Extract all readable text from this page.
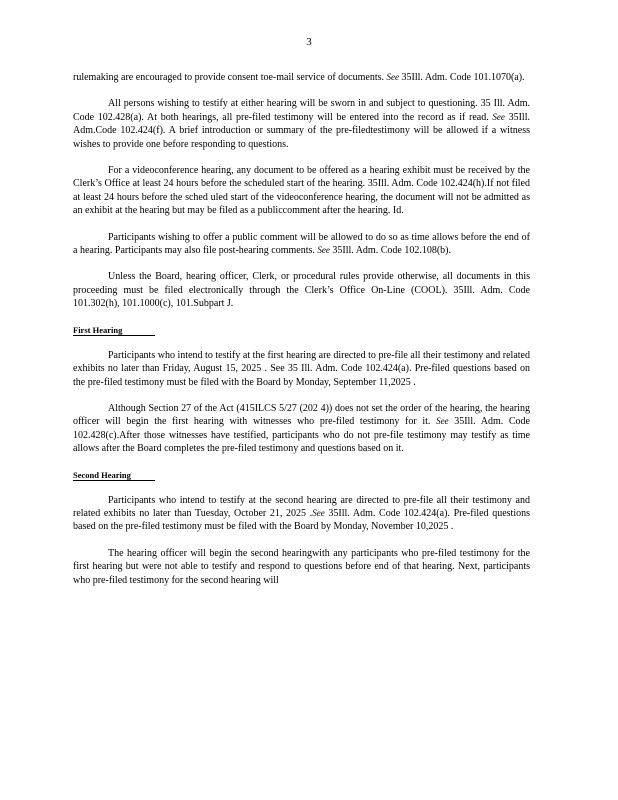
3

rulemaking are encouraged to provide consent toe-mail service of documents. See 35Ill. Adm. Code 101.1070(a).

All persons wishing to testify at either hearing will be sworn in and subject to questioning. 35 Ill. Adm. Code 102.428(a). At both hearings, all pre-filed testimony will be entered into the record as if read. See 35Ill. Adm.Code 102.424(f). A brief introduction or summary of the pre-filedtestimony will be allowed if a witness wishes to provide one before responding to questions.

For a videoconference hearing, any document to be offered as a hearing exhibit must be received by the Clerk’s Office at least 24 hours before the scheduled start of the hearing. 35Ill. Adm. Code 102.424(h).If not filed at least 24 hours before the sched uled start of the videoconference hearing, the document will not be admitted as an exhibit at the hearing but may be filed as a publiccomment after the hearing. Id.

Participants wishing to offer a public comment will be allowed to do so as time allows before the end of a hearing. Participants may also file post-hearing comments. See 35Ill. Adm. Code 102.108(b).

Unless the Board, hearing officer, Clerk, or procedural rules provide otherwise, all documents in this proceeding must be filed electronically through the Clerk’s Office On-Line (COOL). 35Ill. Adm. Code 101.302(h), 101.1000(c), 101.Subpart J.

First Hearing

Participants who intend to testify at the first hearing are directed to pre-file all their testimony and related exhibits no later than Friday, August 15, 2025 . See 35 Ill. Adm. Code 102.424(a). Pre-filed questions based on the pre-filed testimony must be filed with the Board by Monday, September 11,2025 .

Although Section 27 of the Act (415ILCS 5/27 (202 4)) does not set the order of the hearing, the hearing officer will begin the first hearing with witnesses who pre-filed testimony for it. See 35Ill. Adm. Code 102.428(c).After those witnesses have testified, participants who do not pre-file testimony may testify as time allows after the Board completes the pre-filed testimony and questions based on it.

Second Hearing

Participants who intend to testify at the second hearing are directed to pre-file all their testimony and related exhibits no later than Tuesday, October 21, 2025 .See 35Ill. Adm. Code 102.424(a). Pre-filed questions based on the pre-filed testimony must be filed with the Board by Monday, November 10,2025 .

The hearing officer will begin the second hearingwith any participants who pre-filed testimony for the first hearing but were not able to testify and respond to questions before end of that hearing. Next, participants who pre-filed testimony for the second hearing will
